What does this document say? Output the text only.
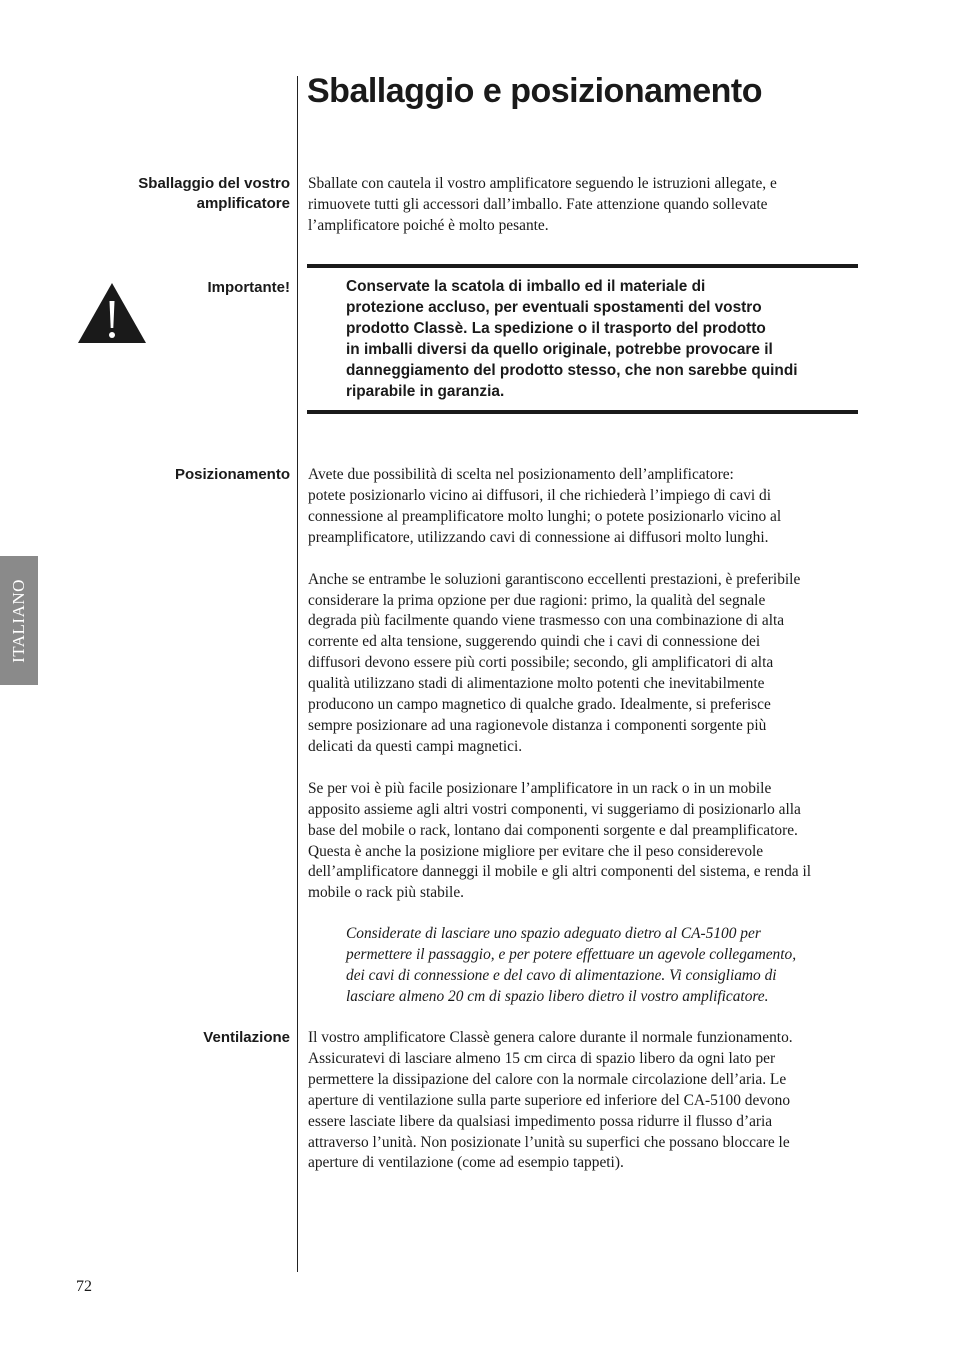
Sballaggio e posizionamento
Sballaggio del vostro
amplificatore
Sballate con cautela il vostro amplificatore seguendo le istruzioni allegate, e
rimuovete tutti gli accessori dall’imballo. Fate attenzione quando sollevate
l’amplificatore poiché è molto pesante.
Importante!	Conservate la scatola di imballo ed il materiale di
protezione accluso, per eventuali spostamenti del vostro
prodotto Classè. La spedizione o il trasporto del prodotto
in imballi diversi da quello originale, potrebbe provocare il
danneggiamento del prodotto stesso, che non sarebbe quindi
riparabile in garanzia.
Posizionamento Avete due possibilità di scelta nel posizionamento dell’amplificatore:
potete posizionarlo vicino ai diffusori, il che richiederà l’impiego di cavi di
connessione al preamplificatore molto lunghi; o potete posizionarlo vicino al
preamplificatore, utilizzando cavi di connessione ai diffusori molto lunghi.

Anche se entrambe le soluzioni garantiscono eccellenti prestazioni, è preferibile
considerare la prima opzione per due ragioni: primo, la qualità del segnale
degrada più facilmente quando viene trasmesso con una combinazione di alta
corrente ed alta tensione, suggerendo quindi che i cavi di connessione dei
diffusori devono essere più corti possibile; secondo, gli amplificatori di alta
qualità utilizzano stadi di alimentazione molto potenti che inevitabilmente
producono un campo magnetico di qualche grado. Idealmente, si preferisce
sempre posizionare ad una ragionevole distanza i componenti sorgente più
delicati da questi campi magnetici.

Se per voi è più facile posizionare l’amplificatore in un rack o in un mobile
apposito assieme agli altri vostri componenti, vi suggeriamo di posizionarlo alla
base del mobile o rack, lontano dai componenti sorgente e dal preamplificatore.
Questa è anche la posizione migliore per evitare che il peso considerevole
dell’amplificatore danneggi il mobile e gli altri componenti del sistema, e renda il
mobile o rack più stabile.

Considerate di lasciare uno spazio adeguato dietro al CA-5100 per
permettere il passaggio, e per potere effettuare un agevole collegamento,
dei cavi di connessione e del cavo di alimentazione. Vi consigliamo di
lasciare almeno 20 cm di spazio libero dietro il vostro amplificatore.
Ventilazione Il vostro amplificatore Classè genera calore durante il normale funzionamento.
Assicuratevi di lasciare almeno 15 cm circa di spazio libero da ogni lato per
permettere la dissipazione del calore con la normale circolazione dell’aria. Le
aperture di ventilazione sulla parte superiore ed inferiore del CA-5100 devono
essere lasciate libere da qualsiasi impedimento possa ridurre il flusso d’aria
attraverso l’unità. Non posizionate l’unità su superfici che possano bloccare le
aperture di ventilazione (come ad esempio tappeti).
ITALIANO
72
